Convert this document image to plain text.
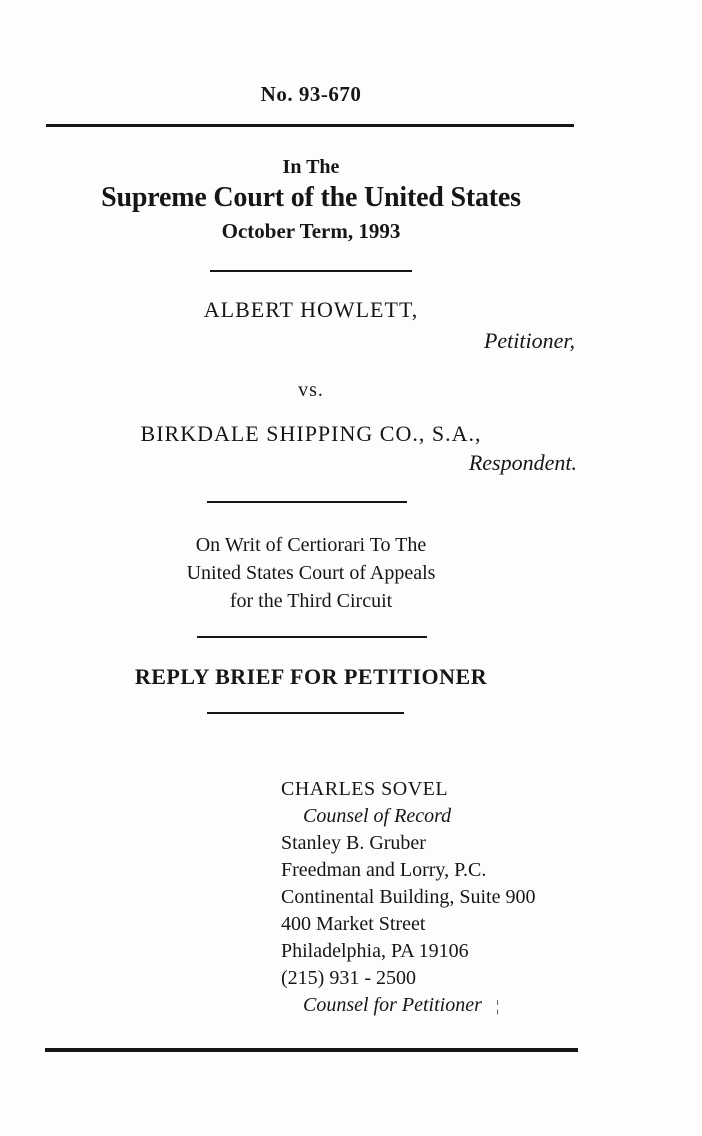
No. 93-670
In The
Supreme Court of the United States
October Term, 1993
ALBERT HOWLETT,
Petitioner,
vs.
BIRKDALE SHIPPING CO., S.A.,
Respondent.
On Writ of Certiorari To The
United States Court of Appeals
for the Third Circuit
REPLY BRIEF FOR PETITIONER
CHARLES SOVEL
Counsel of Record
Stanley B. Gruber
Freedman and Lorry, P.C.
Continental Building, Suite 900
400 Market Street
Philadelphia, PA 19106
(215) 931 - 2500
Counsel for Petitioner ¦
